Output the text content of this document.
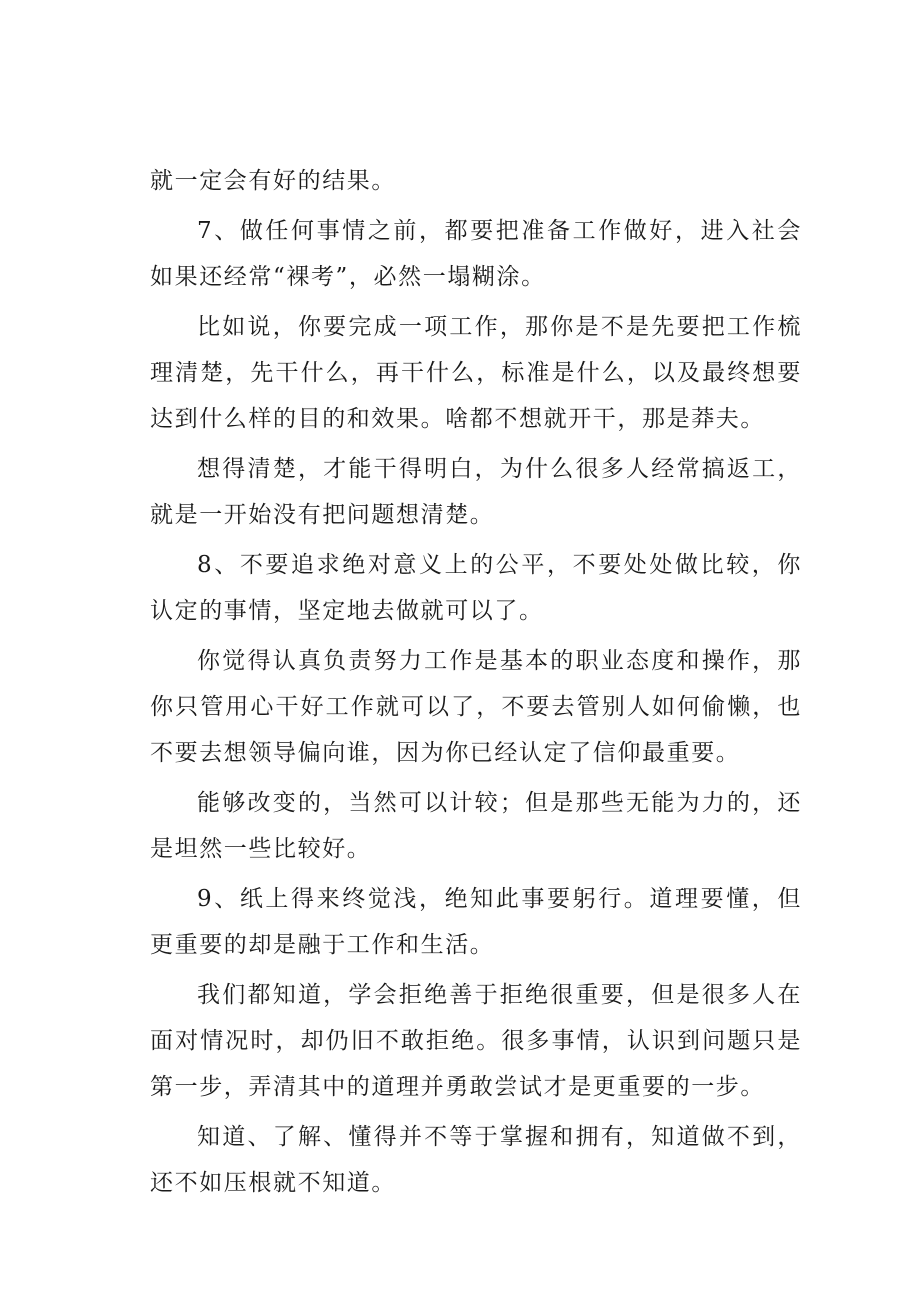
就一定会有好的结果。

7、做任何事情之前，都要把准备工作做好，进入社会如果还经常“裸考”，必然一塌糊涂。

比如说，你要完成一项工作，那你是不是先要把工作梳理清楚，先干什么，再干什么，标准是什么，以及最终想要达到什么样的目的和效果。啥都不想就开干，那是莽夫。

想得清楚，才能干得明白，为什么很多人经常搞返工，就是一开始没有把问题想清楚。

8、不要追求绝对意义上的公平，不要处处做比较，你认定的事情，坚定地去做就可以了。

你觉得认真负责努力工作是基本的职业态度和操作，那你只管用心干好工作就可以了，不要去管别人如何偷懒，也不要去想领导偏向谁，因为你已经认定了信仰最重要。

能够改变的，当然可以计较；但是那些无能为力的，还是坦然一些比较好。

9、纸上得来终觉浅，绝知此事要躬行。道理要懂，但更重要的却是融于工作和生活。

我们都知道，学会拒绝善于拒绝很重要，但是很多人在面对情况时，却仍旧不敢拒绝。很多事情，认识到问题只是第一步，弄清其中的道理并勇敢尝试才是更重要的一步。

知道、了解、懂得并不等于掌握和拥有，知道做不到，还不如压根就不知道。
